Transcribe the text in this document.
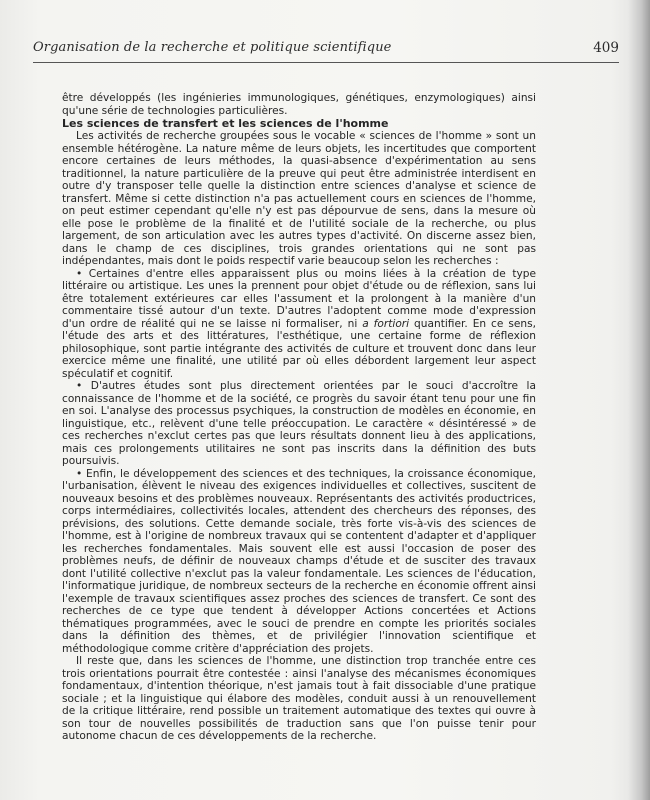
Organisation de la recherche et politique scientifique	409

être développés (les ingénieries immunologiques, génétiques, enzymologiques) ainsi qu'une série de technologies particulières.

Les sciences de transfert et les sciences de l'homme

Les activités de recherche groupées sous le vocable « sciences de l'homme » sont un ensemble hétérogène. La nature même de leurs objets, les incertitudes que comportent encore certaines de leurs méthodes, la quasi-absence d'expérimentation au sens traditionnel, la nature particulière de la preuve qui peut être administrée interdisent en outre d'y transposer telle quelle la distinction entre sciences d'analyse et science de transfert. Même si cette distinction n'a pas actuellement cours en sciences de l'homme, on peut estimer cependant qu'elle n'y est pas dépourvue de sens, dans la mesure où elle pose le problème de la finalité et de l'utilité sociale de la recherche, ou plus largement, de son articulation avec les autres types d'activité. On discerne assez bien, dans le champ de ces disciplines, trois grandes orientations qui ne sont pas indépendantes, mais dont le poids respectif varie beaucoup selon les recherches :

• Certaines d'entre elles apparaissent plus ou moins liées à la création de type littéraire ou artistique. Les unes la prennent pour objet d'étude ou de réflexion, sans lui être totalement extérieures car elles l'assument et la prolongent à la manière d'un commentaire tissé autour d'un texte. D'autres l'adoptent comme mode d'expression d'un ordre de réalité qui ne se laisse ni formaliser, ni a fortiori quantifier. En ce sens, l'étude des arts et des littératures, l'esthétique, une certaine forme de réflexion philosophique, sont partie intégrante des activités de culture et trouvent donc dans leur exercice même une finalité, une utilité par où elles débordent largement leur aspect spéculatif et cognitif.

• D'autres études sont plus directement orientées par le souci d'accroître la connaissance de l'homme et de la société, ce progrès du savoir étant tenu pour une fin en soi. L'analyse des processus psychiques, la construction de modèles en économie, en linguistique, etc., relèvent d'une telle préoccupation. Le caractère « désintéressé » de ces recherches n'exclut certes pas que leurs résultats donnent lieu à des applications, mais ces prolongements utilitaires ne sont pas inscrits dans la définition des buts poursuivis.

• Enfin, le développement des sciences et des techniques, la croissance économique, l'urbanisation, élèvent le niveau des exigences individuelles et collectives, suscitent de nouveaux besoins et des problèmes nouveaux. Représentants des activités productrices, corps intermédiaires, collectivités locales, attendent des chercheurs des réponses, des prévisions, des solutions. Cette demande sociale, très forte vis-à-vis des sciences de l'homme, est à l'origine de nombreux travaux qui se contentent d'adapter et d'appliquer les recherches fondamentales. Mais souvent elle est aussi l'occasion de poser des problèmes neufs, de définir de nouveaux champs d'étude et de susciter des travaux dont l'utilité collective n'exclut pas la valeur fondamentale. Les sciences de l'éducation, l'informatique juridique, de nombreux secteurs de la recherche en économie offrent ainsi l'exemple de travaux scientifiques assez proches des sciences de transfert. Ce sont des recherches de ce type que tendent à développer Actions concertées et Actions thématiques programmées, avec le souci de prendre en compte les priorités sociales dans la définition des thèmes, et de privilégier l'innovation scientifique et méthodologique comme critère d'appréciation des projets.

Il reste que, dans les sciences de l'homme, une distinction trop tranchée entre ces trois orientations pourrait être contestée : ainsi l'analyse des mécanismes économiques fondamentaux, d'intention théorique, n'est jamais tout à fait dissociable d'une pratique sociale ; et la linguistique qui élabore des modèles, conduit aussi à un renouvellement de la critique littéraire, rend possible un traitement automatique des textes qui ouvre à son tour de nouvelles possibilités de traduction sans que l'on puisse tenir pour autonome chacun de ces développements de la recherche.
